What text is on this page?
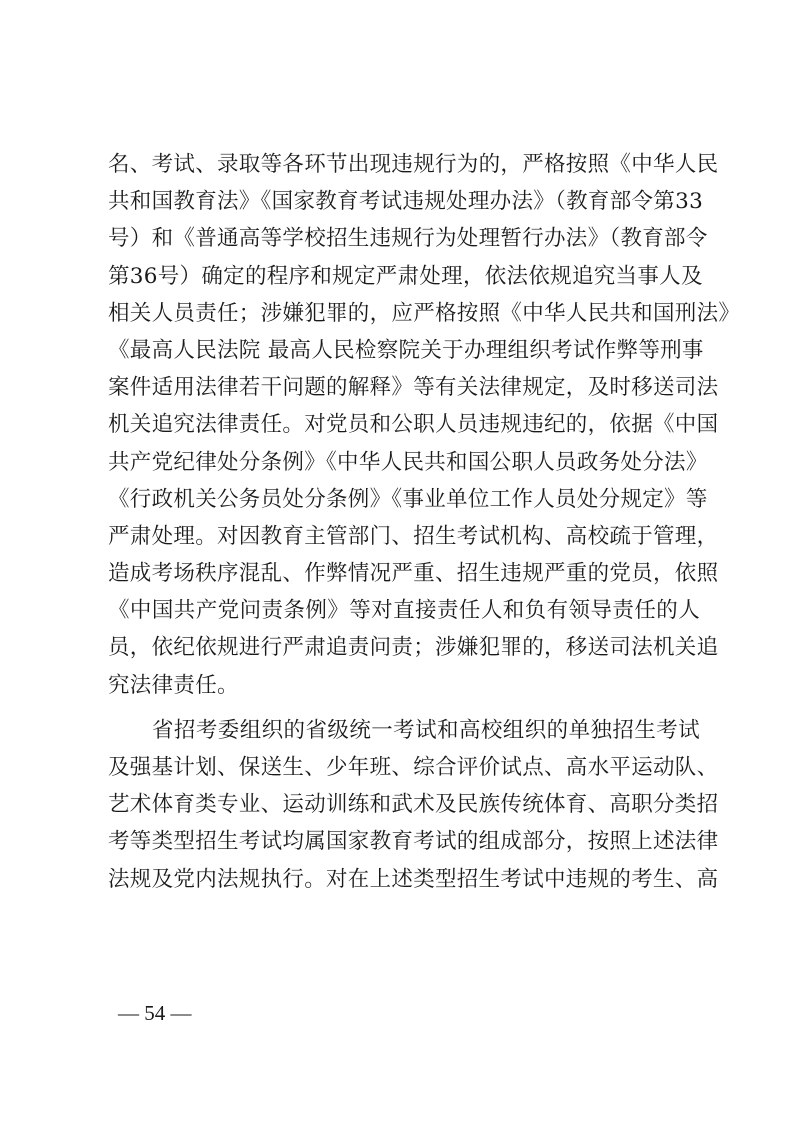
名、考试、录取等各环节出现违规行为的，严格按照《中华人民
共和国教育法》《国家教育考试违规处理办法》（教育部令第33
号）和《普通高等学校招生违规行为处理暂行办法》（教育部令
第36号）确定的程序和规定严肃处理，依法依规追究当事人及
相关人员责任；涉嫌犯罪的，应严格按照《中华人民共和国刑法》
《最高人民法院 最高人民检察院关于办理组织考试作弊等刑事
案件适用法律若干问题的解释》等有关法律规定，及时移送司法
机关追究法律责任。对党员和公职人员违规违纪的，依据《中国
共产党纪律处分条例》《中华人民共和国公职人员政务处分法》
《行政机关公务员处分条例》《事业单位工作人员处分规定》等
严肃处理。对因教育主管部门、招生考试机构、高校疏于管理，
造成考场秩序混乱、作弊情况严重、招生违规严重的党员，依照
《中国共产党问责条例》等对直接责任人和负有领导责任的人
员，依纪依规进行严肃追责问责；涉嫌犯罪的，移送司法机关追
究法律责任。
省招考委组织的省级统一考试和高校组织的单独招生考试
及强基计划、保送生、少年班、综合评价试点、高水平运动队、
艺术体育类专业、运动训练和武术及民族传统体育、高职分类招
考等类型招生考试均属国家教育考试的组成部分，按照上述法律
法规及党内法规执行。对在上述类型招生考试中违规的考生、高
— 54 —
